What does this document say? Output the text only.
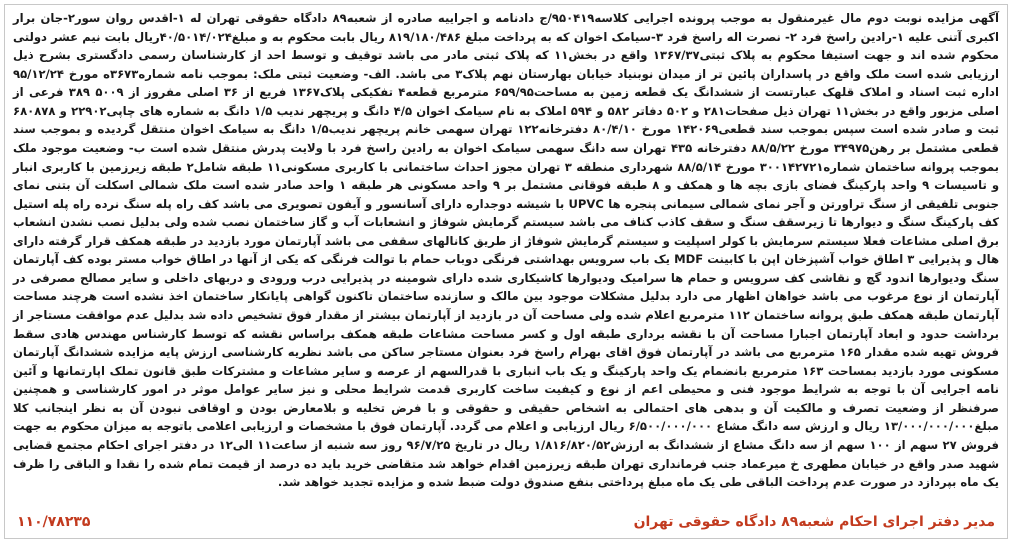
آگهی مزایده نوبت دوم مال غیرمنقول به موجب پرونده اجرایی کلاسه۹۵۰۴۱۹/ج دادنامه و اجراییه صادره از شعبه۸۹ دادگاه حقوقی تهران له ۱-اقدس روان سور۲-جان برار اکبری آتنی علیه ۱-رادین راسخ فرد ۲- نصرت اله راسخ فرد ۳-سیامک اخوان که به پرداخت مبلغ ۸۱۹/۱۸۰/۴۸۶ ریال بابت محکوم به و مبلغ۴۰/۵۰۱۴/۰۲۴ریال بابت نیم عشر دولتی محکوم شده اند و جهت استیفا محکوم به پلاک ثبتی۱۳۶۷/۳۷ واقع در بخش۱۱ که پلاک ثبتی مادر می باشد توقیف و توسط احد از کارشناسان رسمی دادگستری بشرح ذیل ارزیابی شده است ملک واقع در پاسداران پائین تر از میدان نوبنیاد خیابان بهارستان نهم پلاک۳ می باشد. الف- وضعیت ثبتی ملک: بموجب نامه شماره۳۶۷۳ه مورخ ۹۵/۱۲/۲۴ اداره ثبت اسناد و املاک قلهک عبارتست از ششدانگ یک قطعه زمین به مساحت۶۵۹/۹۵ مترمربع قطعه۴ تفکیکی پلاک۱۳۶۷ فریع از ۳۶ اصلی مفروز از ۵۰۰۹ ۳۸۹ فرعی از اصلی مزبور واقع در بخش۱۱ تهران ذیل صفحات۲۸۱ و ۵۰۲ دفاتر ۵۸۲ و ۵۹۴ املاک به نام سیامک اخوان ۴/۵ دانگ و پریچهر ندیب ۱/۵ دانگ به شماره های چاپی۲۲۹۰۲ و ۶۸۰۸۷۸ ثبت و صادر شده است سپس بموجب سند قطعی۱۴۲۰۶۹ مورخ ۸۰/۴/۱۰ دفترخانه۱۲۲ تهران سهمی خانم پریچهر ندیب۱/۵ دانگ به سیامک اخوان منتقل گردیده و بموجب سند قطعی مشتمل بر رهن۳۴۹۷۵ مورخ ۸۸/۵/۲۲ دفترخانه ۴۳۵ تهران سه دانگ سهمی سیامک اخوان به رادین راسخ فرد با ولایت پدرش منتقل شده است ب- وضعیت موجود ملک بموجب پروانه ساختمان شماره۳۰۰۱۴۲۷۲۱ مورخ ۸۸/۵/۱۴ شهرداری منطقه ۳ تهران مجوز احداث ساختمانی با کاربری مسکونی۱۱ طبقه شامل۲ طبقه زیرزمین با کاربری انبار و تاسیسات ۹ واحد پارکینگ فضای بازی بچه ها و همکف و ۸ طبقه فوقانی مشتمل بر ۹ واحد مسکونی هر طبقه ۱ واحد صادر شده است ملک شمالی اسکلت آن بتنی نمای جنوبی تلفیقی از سنگ تراورتن و آجر نمای شمالی سیمانی پنجره ها UPVC با شیشه دوجداره دارای آسانسور و آیفون تصویری می باشد کف راه پله سنگ نرده راه پله استیل کف پارکینگ سنگ و دیوارها تا زیرسقف سنگ و سقف کاذب کناف می باشد سیستم گرمایش شوفاژ و انشعابات آب و گاز ساختمان نصب شده ولی بدلیل نصب نشدن انشعاب برق اصلی مشاعات فعلا سیستم سرمایش با کولر اسپلیت و سیستم گرمایش شوفاژ از طریق کانالهای سقفی می باشد آپارتمان مورد بازدید در طبقه همکف قرار گرفته دارای هال و پذیرایی ۳ اطاق خواب آشپزخان اپن با کابینت MDF یک باب سرویس بهداشتی فرنگی دوباب حمام با توالت فرنگی که یکی از آنها در اطاق خواب مستر بوده کف آپارتمان سنگ ودیوارها اندود گچ و نقاشی کف سرویس و حمام ها سرامیک ودیوارها کاشیکاری شده دارای شومینه در پذیرایی درب ورودی و دربهای داخلی و سایر مصالح مصرفی در آپارتمان از نوع مرغوب می باشد خواهان اظهار می دارد بدلیل مشکلات موجود بین مالک و سازنده ساختمان تاکنون گواهی پایانکار ساختمان اخذ نشده است هرچند مساحت آپارتمان طبقه همکف طبق پروانه ساختمان ۱۱۲ مترمربع اعلام شده ولی مساحت آن در بازدید از آپارتمان بیشتر از مقدار فوق تشخیص داده شد بدلیل عدم موافقت مستاجر از برداشت حدود و ابعاد آپارتمان اجبارا مساحت آن با نقشه برداری طبقه اول و کسر مساحت مشاعات طبقه همکف براساس نقشه که توسط کارشناس مهندس هادی سقط فروش تهیه شده مقدار ۱۶۵ مترمربع می باشد در آپارتمان فوق اقای بهرام راسخ فرد بعنوان مستاجر ساکن می باشد نظریه کارشناسی ارزش پایه مزایده ششدانگ آپارتمان مسکونی مورد بازدید بمساحت ۱۶۳ مترمربع بانضمام یک واحد پارکینگ و یک باب انباری با قدرالسهم از عرصه و سایر مشاعات و مشترکات طبق قانون تملک اپارتمانها و آئین نامه اجرایی آن با توجه به شرایط موجود فنی و محیطی اعم از نوع و کیفیت ساخت کاربری قدمت شرایط محلی و نیز سایر عوامل موثر در امور کارشناسی و همچنین صرفنظر از وضعیت تصرف و مالکیت آن و بدهی های احتمالی به اشخاص حقیقی و حقوقی و با فرض تخلیه و بلامعارض بودن و اوقافی نبودن آن به نظر اینجانب کلا مبلغ۱۳/۰۰۰/۰۰۰/۰۰۰ ریال و ارزش سه دانگ مشاع ۶/۵۰۰/۰۰۰/۰۰۰ ریال ارزیابی و اعلام می گردد. آپارتمان فوق با مشخصات و ارزیابی اعلامی باتوجه به میزان محکوم به جهت فروش ۲۷ سهم از ۱۰۰ سهم از سه دانگ مشاع از ششدانگ به ارزش۱/۸۱۶/۸۲۰/۵۲ ریال در تاریخ ۹۶/۷/۲۵ روز سه شنبه از ساعت۱۱ الی۱۲ در دفتر اجرای احکام مجتمع قضایی شهید صدر واقع در خیابان مطهری خ میرعماد جنب فرمانداری تهران طبقه زیرزمین اقدام خواهد شد متقاضی خرید باید ده درصد از قیمت تمام شده را نقدا و الباقی را ظرف یک ماه بپردازد در صورت عدم پرداخت الباقی طی یک ماه مبلغ پرداختی بنفع صندوق دولت ضبط شده و مزایده تجدید خواهد شد.

مدیر دفتر اجرای احکام شعبه۸۹ دادگاه حقوقی تهران
۱۱۰/۷۸۲۳۵
